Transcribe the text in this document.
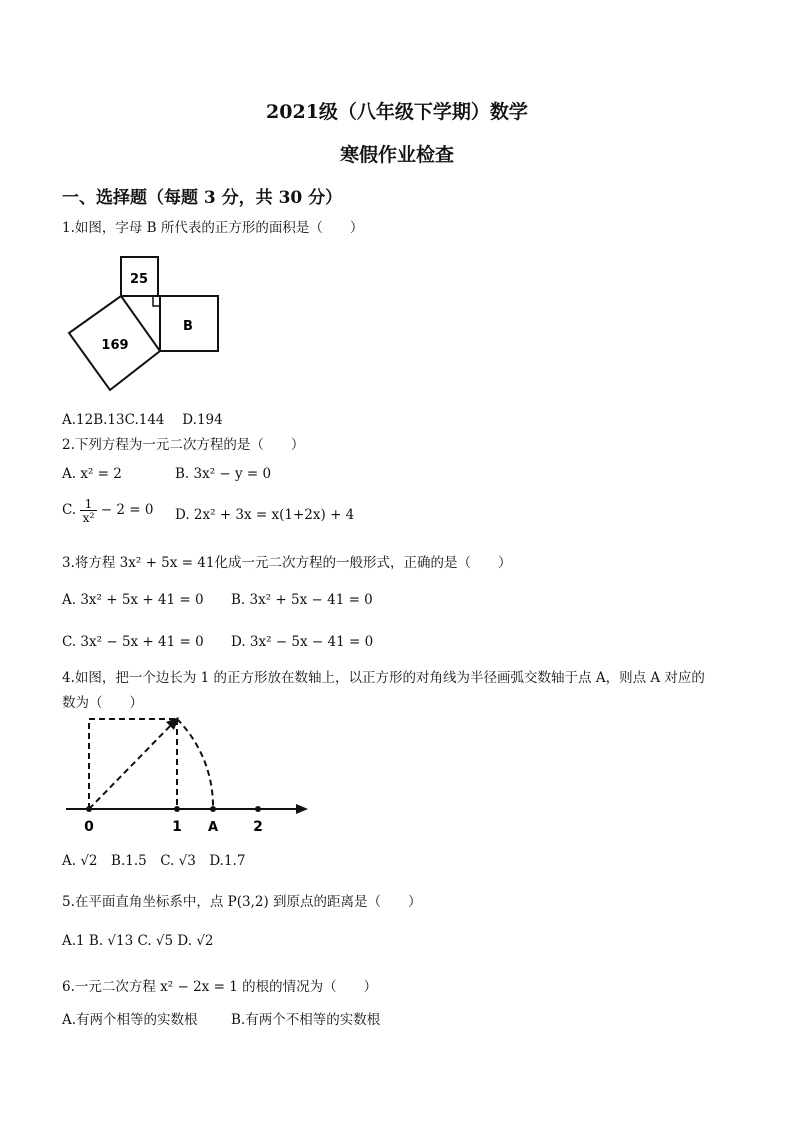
2021级（八年级下学期）数学
寒假作业检查
一、选择题（每题 3 分，共 30 分）
1.如图，字母 B 所代表的正方形的面积是（　　）
25
B
169
A.12B.13C.144　 D.194
2.下列方程为一元二次方程的是（　　）
A. x² = 2	B. 3x² − y = 0
C. $\frac{1}{\text{x²}} - 2 = 0$ D. 2x² + 3x = x(1+2x) + 4
3.将方程 3x² + 5x = 41化成一元二次方程的一般形式，正确的是（　　）
A. 3x² + 5x + 41 = 0 B. 3x² + 5x − 41 = 0
C. 3x² − 5x + 41 = 0 D. 3x² − 5x − 41 = 0
4.如图，把一个边长为 1 的正方形放在数轴上，以正方形的对角线为半径画弧交数轴于点 A，则点 A 对应的
数为（　　）
0	1 A	2
A. √2　B.1.5　C. √3　D.1.7
5.在平面直角坐标系中，点 P(3,2) 到原点的距离是（　　）
A.1 B. √13 C. √5 D. √2
6.一元二次方程 x² − 2x = 1 的根的情况为（　　）
A.有两个相等的实数根 B.有两个不相等的实数根
